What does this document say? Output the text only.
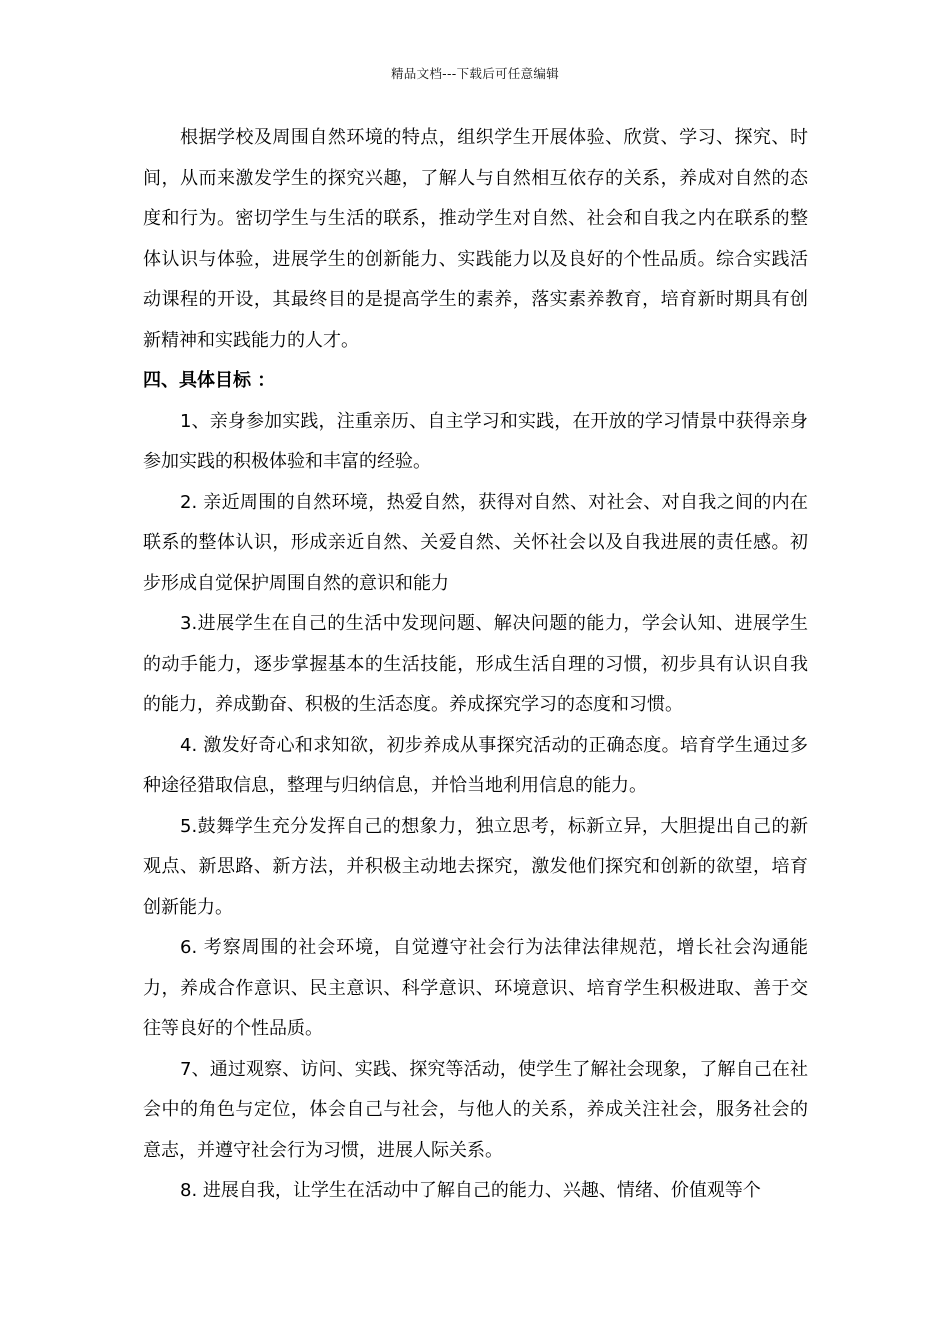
精品文档---下载后可任意编辑

根据学校及周围自然环境的特点，组织学生开展体验、欣赏、学习、探究、时间，从而来激发学生的探究兴趣，了解人与自然相互依存的关系，养成对自然的态度和行为。密切学生与生活的联系，推动学生对自然、社会和自我之内在联系的整体认识与体验，进展学生的创新能力、实践能力以及良好的个性品质。综合实践活动课程的开设，其最终目的是提高学生的素养，落实素养教育，培育新时期具有创新精神和实践能力的人才。

四、具体目标 ：

1、亲身参加实践，注重亲历、自主学习和实践，在开放的学习情景中获得亲身参加实践的积极体验和丰富的经验。

2. 亲近周围的自然环境，热爱自然，获得对自然、对社会、对自我之间的内在联系的整体认识，形成亲近自然、关爱自然、关怀社会以及自我进展的责任感。初步形成自觉保护周围自然的意识和能力

3.进展学生在自己的生活中发现问题、解决问题的能力，学会认知、进展学生的动手能力，逐步掌握基本的生活技能，形成生活自理的习惯，初步具有认识自我的能力，养成勤奋、积极的生活态度。养成探究学习的态度和习惯。

4. 激发好奇心和求知欲，初步养成从事探究活动的正确态度。培育学生通过多种途径猎取信息，整理与归纳信息，并恰当地利用信息的能力。

5.鼓舞学生充分发挥自己的想象力，独立思考，标新立异，大胆提出自己的新观点、新思路、新方法，并积极主动地去探究，激发他们探究和创新的欲望，培育创新能力。

6. 考察周围的社会环境，自觉遵守社会行为法律法律规范，增长社会沟通能力，养成合作意识、民主意识、科学意识、环境意识、培育学生积极进取、善于交往等良好的个性品质。

7、通过观察、访问、实践、探究等活动，使学生了解社会现象，了解自己在社会中的角色与定位，体会自己与社会，与他人的关系，养成关注社会，服务社会的意志，并遵守社会行为习惯，进展人际关系。

8. 进展自我，让学生在活动中了解自己的能力、兴趣、情绪、价值观等个
